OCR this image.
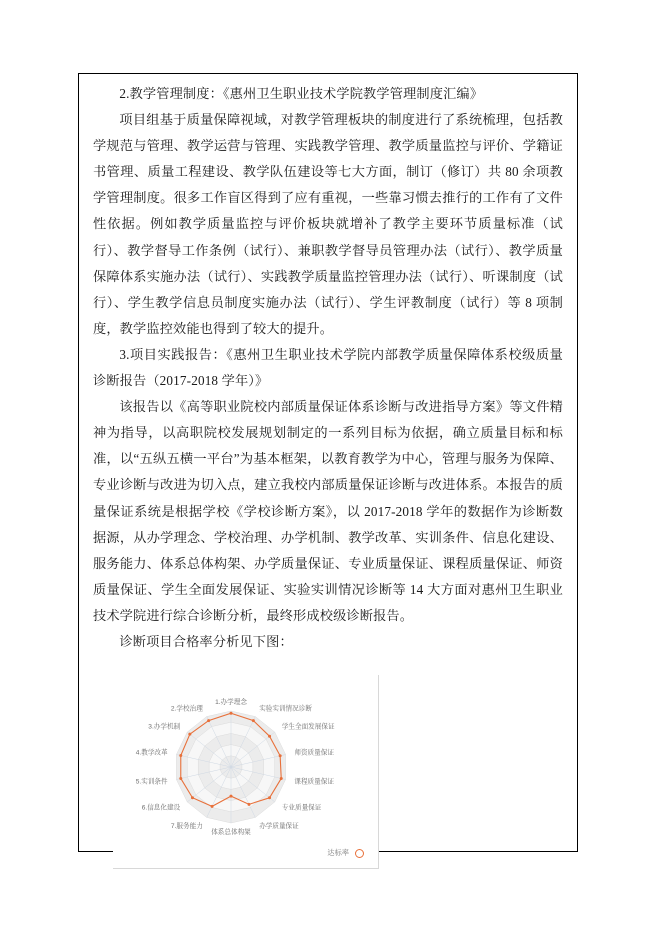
2.教学管理制度：《惠州卫生职业技术学院教学管理制度汇编》

项目组基于质量保障视域，对教学管理板块的制度进行了系统梳理，包括教学规范与管理、教学运营与管理、实践教学管理、教学质量监控与评价、学籍证书管理、质量工程建设、教学队伍建设等七大方面，制订（修订）共 80 余项教学管理制度。很多工作盲区得到了应有重视，一些靠习惯去推行的工作有了文件性依据。例如教学质量监控与评价板块就增补了教学主要环节质量标准（试行）、教学督导工作条例（试行）、兼职教学督导员管理办法（试行）、教学质量保障体系实施办法（试行）、实践教学质量监控管理办法（试行）、听课制度（试行）、学生教学信息员制度实施办法（试行）、学生评教制度（试行）等 8 项制度，教学监控效能也得到了较大的提升。

3.项目实践报告：《惠州卫生职业技术学院内部教学质量保障体系校级质量诊断报告（2017-2018 学年）》

该报告以《高等职业院校内部质量保证体系诊断与改进指导方案》等文件精神为指导，以高职院校发展规划制定的一系列目标为依据，确立质量目标和标准，以“五纵五横一平台”为基本框架，以教育教学为中心，管理与服务为保障、专业诊断与改进为切入点，建立我校内部质量保证诊断与改进体系。本报告的质量保证系统是根据学校《学校诊断方案》，以 2017-2018 学年的数据作为诊断数据源，从办学理念、学校治理、办学机制、教学改革、实训条件、信息化建设、服务能力、体系总体构架、办学质量保证、专业质量保证、课程质量保证、师资质量保证、学生全面发展保证、实验实训情况诊断等 14 大方面对惠州卫生职业技术学院进行综合诊断分析，最终形成校级诊断报告。

诊断项目合格率分析见下图：

1.办学理念
实验实训情况诊断
学生全面发展保证
师资质量保证
课程质量保证
专业质量保证
办学质量保证
体系总体构架
7.服务能力
6.信息化建设
5.实训条件
4.教学改革
3.办学机制
2.学校治理
达标率
